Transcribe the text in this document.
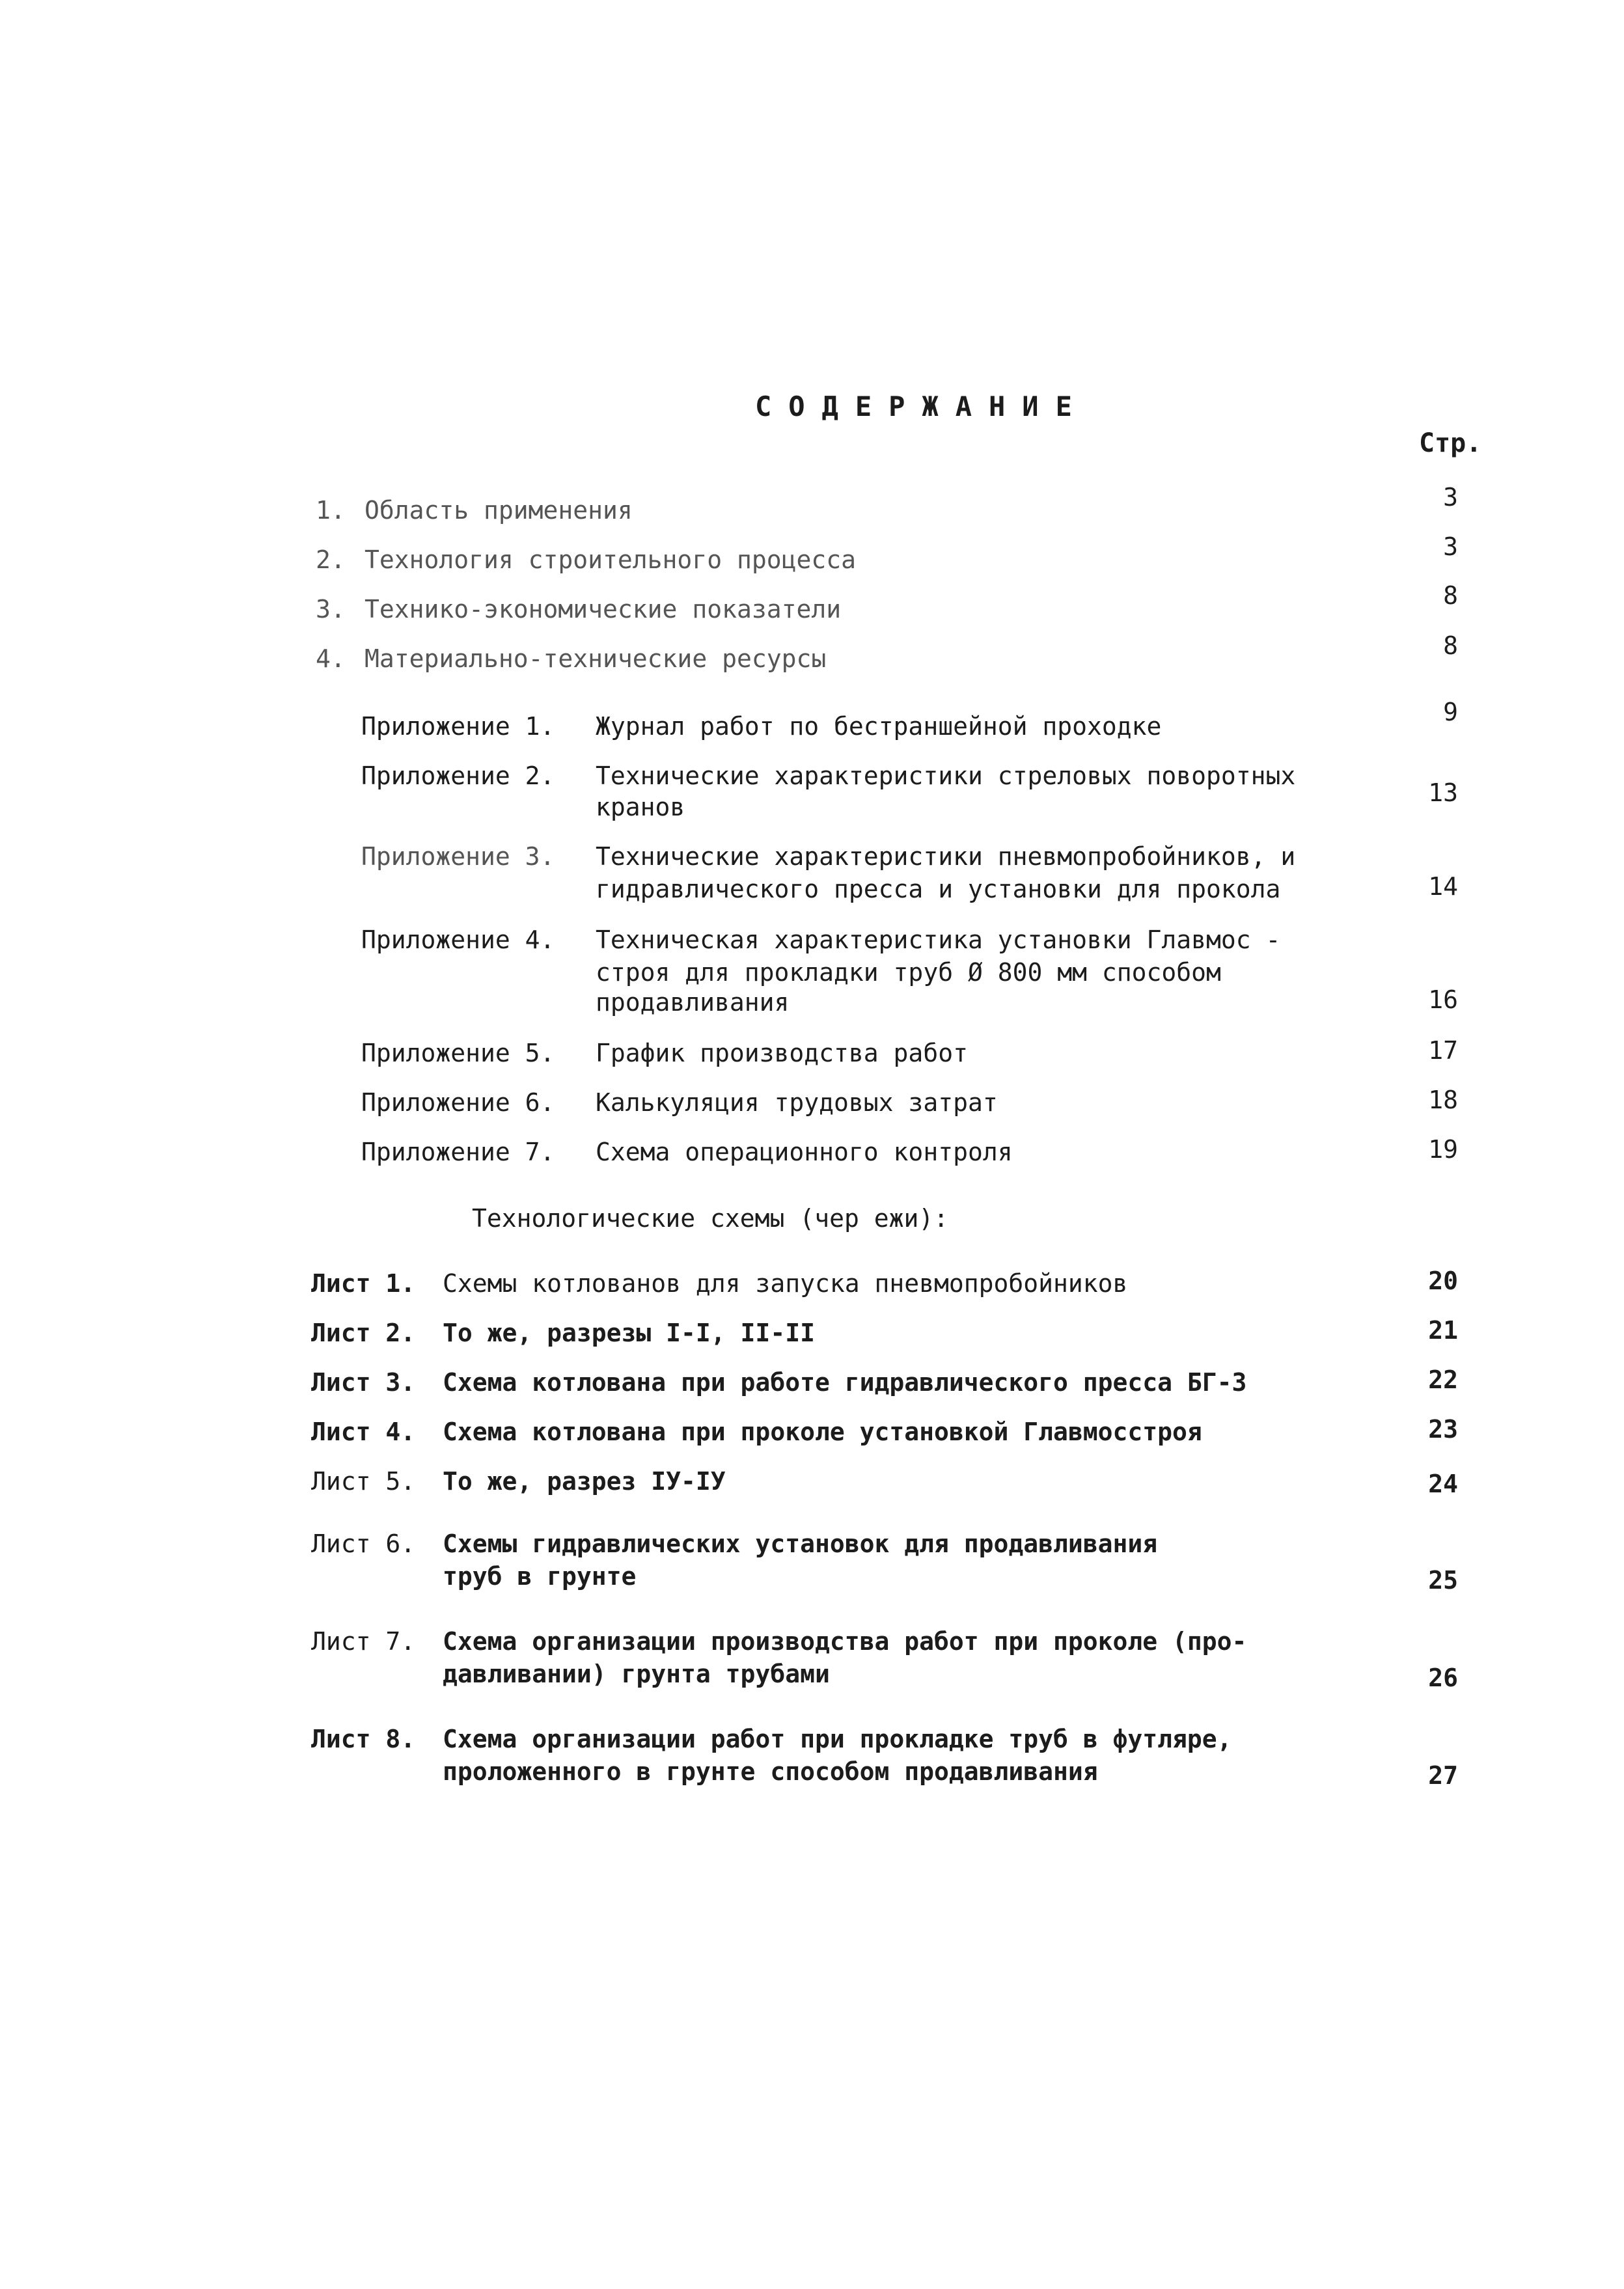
СОДЕРЖАНИЕ
Стр.
1. Область применения	3
2. Технология строительного процесса	3
3. Технико-экономические показатели	8
4. Материально-технические ресурсы	8
Приложение 1. Журнал работ по бестраншейной проходке	9
Приложение 2. Технические характеристики стреловых поворотных
кранов	13
Приложение 3. Технические характеристики пневмопробойников, и
гидравлического пресса и установки для прокола	14
Приложение 4. Техническая характеристика установки Главмос -
строя для прокладки труб Ø 800 мм способом
продавливания	16
Приложение 5. График производства работ	17
Приложение 6. Калькуляция трудовых затрат	18
Приложение 7. Схема операционного контроля	19
Технологические схемы (чер ежи):
Лист 1. Схемы котлованов для запуска пневмопробойников	20
Лист 2. То же, разрезы I-I, II-II	21
Лист 3. Схема котлована при работе гидравлического пресса БГ-3	22
Лист 4. Схема котлована при проколе установкой Главмосстроя	23
Лист 5. То же, разрез IУ-IУ	24
Лист 6. Схемы гидравлических установок для продавливания
труб в грунте	25
Лист 7. Схема организации производства работ при проколе (про-
давливании) грунта трубами	26
Лист 8. Схема организации работ при прокладке труб в футляре,
проложенного в грунте способом продавливания	27
